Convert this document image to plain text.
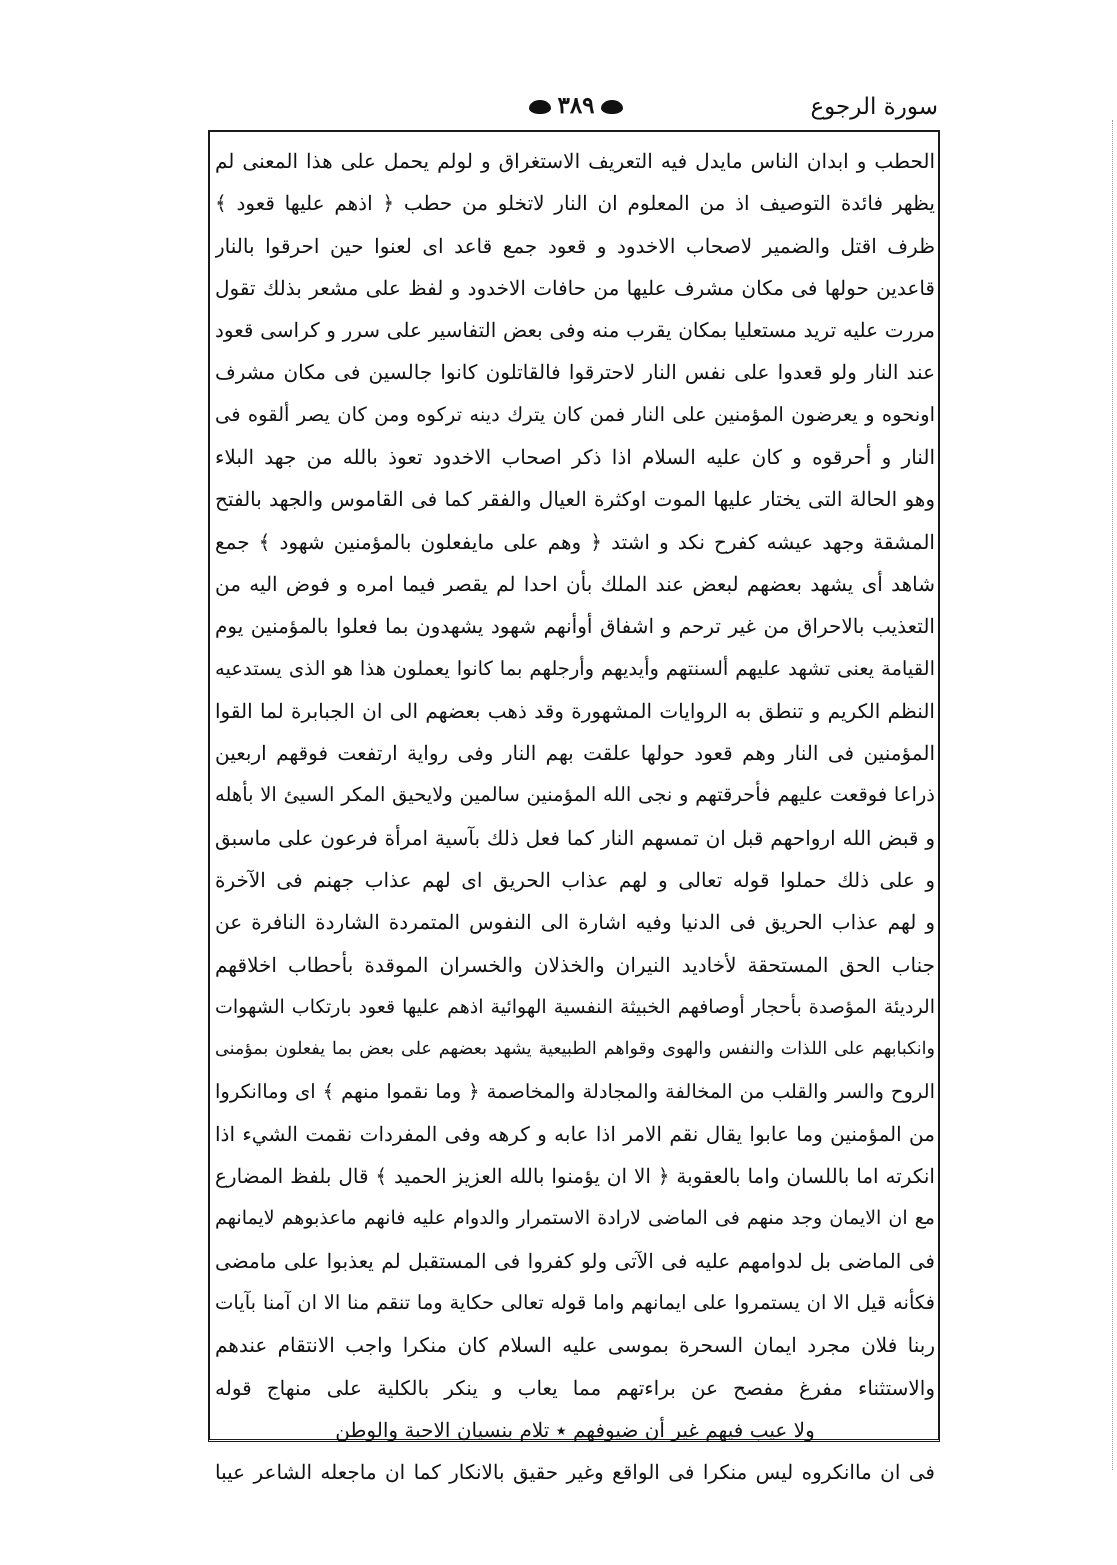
٣٨٩	سورة الرجوع
الحطب و ابدان الناس مايدل فيه التعريف الاستغراق و لولم يحمل على هذا المعنى لم
يظهر فائدة التوصيف اذ من المعلوم ان النار لاتخلو من حطب ﴿ اذهم عليها قعود ﴾
ظرف اقتل والضمير لاصحاب الاخدود و قعود جمع قاعد اى لعنوا حين احرقوا بالنار
قاعدين حولها فى مكان مشرف عليها من حافات الاخدود و لفظ على مشعر بذلك تقول
مررت عليه تريد مستعليا بمكان يقرب منه وفى بعض التفاسير على سرر و كراسى قعود
عند النار ولو قعدوا على نفس النار لاحترقوا فالقاتلون كانوا جالسين فى مكان مشرف
اونحوه و يعرضون المؤمنين على النار فمن كان يترك دينه تركوه ومن كان يصر ألقوه فى
النار و أحرقوه و كان عليه السلام اذا ذكر اصحاب الاخدود تعوذ بالله من جهد البلاء
وهو الحالة التى يختار عليها الموت اوكثرة العيال والفقر كما فى القاموس والجهد بالفتح
المشقة وجهد عيشه كفرح نكد و اشتد ﴿ وهم على مايفعلون بالمؤمنين شهود ﴾ جمع
شاهد أى يشهد بعضهم لبعض عند الملك بأن احدا لم يقصر فيما امره و فوض اليه من
التعذيب بالاحراق من غير ترحم و اشفاق أوأنهم شهود يشهدون بما فعلوا بالمؤمنين يوم
القيامة يعنى تشهد عليهم ألسنتهم وأيديهم وأرجلهم بما كانوا يعملون هذا هو الذى يستدعيه
النظم الكريم و تنطق به الروايات المشهورة وقد ذهب بعضهم الى ان الجبابرة لما القوا
المؤمنين فى النار وهم قعود حولها علقت بهم النار وفى رواية ارتفعت فوقهم اربعين
ذراعا فوقعت عليهم فأحرقتهم و نجى الله المؤمنين سالمين ولايحيق المكر السيئ الا بأهله
و قبض الله ارواحهم قبل ان تمسهم النار كما فعل ذلك بآسية امرأة فرعون على ماسبق
و على ذلك حملوا قوله تعالى و لهم عذاب الحريق اى لهم عذاب جهنم فى الآخرة
و لهم عذاب الحريق فى الدنيا وفيه اشارة الى النفوس المتمردة الشاردة النافرة عن
جناب الحق المستحقة لأخاديد النيران والخذلان والخسران الموقدة بأحطاب اخلاقهم
الرديئة المؤصدة بأحجار أوصافهم الخبيثة النفسية الهوائية اذهم عليها قعود بارتكاب الشهوات
وانكبابهم على اللذات والنفس والهوى وقواهم الطبيعية يشهد بعضهم على بعض بما يفعلون بمؤمنى
الروح والسر والقلب من المخالفة والمجادلة والمخاصمة ﴿ وما نقموا منهم ﴾ اى وماانكروا
من المؤمنين وما عابوا يقال نقم الامر اذا عابه و كرهه وفى المفردات نقمت الشيء اذا
انكرته اما باللسان واما بالعقوبة ﴿ الا ان يؤمنوا بالله العزيز الحميد ﴾ قال بلفظ المضارع
مع ان الايمان وجد منهم فى الماضى لارادة الاستمرار والدوام عليه فانهم ماعذبوهم لايمانهم
فى الماضى بل لدوامهم عليه فى الآتى ولو كفروا فى المستقبل لم يعذبوا على مامضى
فكأنه قيل الا ان يستمروا على ايمانهم واما قوله تعالى حكاية وما تنقم منا الا ان آمنا بآيات
ربنا فلان مجرد ايمان السحرة بموسى عليه السلام كان منكرا واجب الانتقام عندهم
والاستثناء مفرغ مفصح عن براءتهم مما يعاب و ينكر بالكلية على منهاج قوله
ولا عيب فيهم غير أن ضيوفهم ٭ تلام بنسيان الاحبة والوطن
فى ان ماانكروه ليس منكرا فى الواقع وغير حقيق بالانكار كما ان ماجعله الشاعر عيبا
